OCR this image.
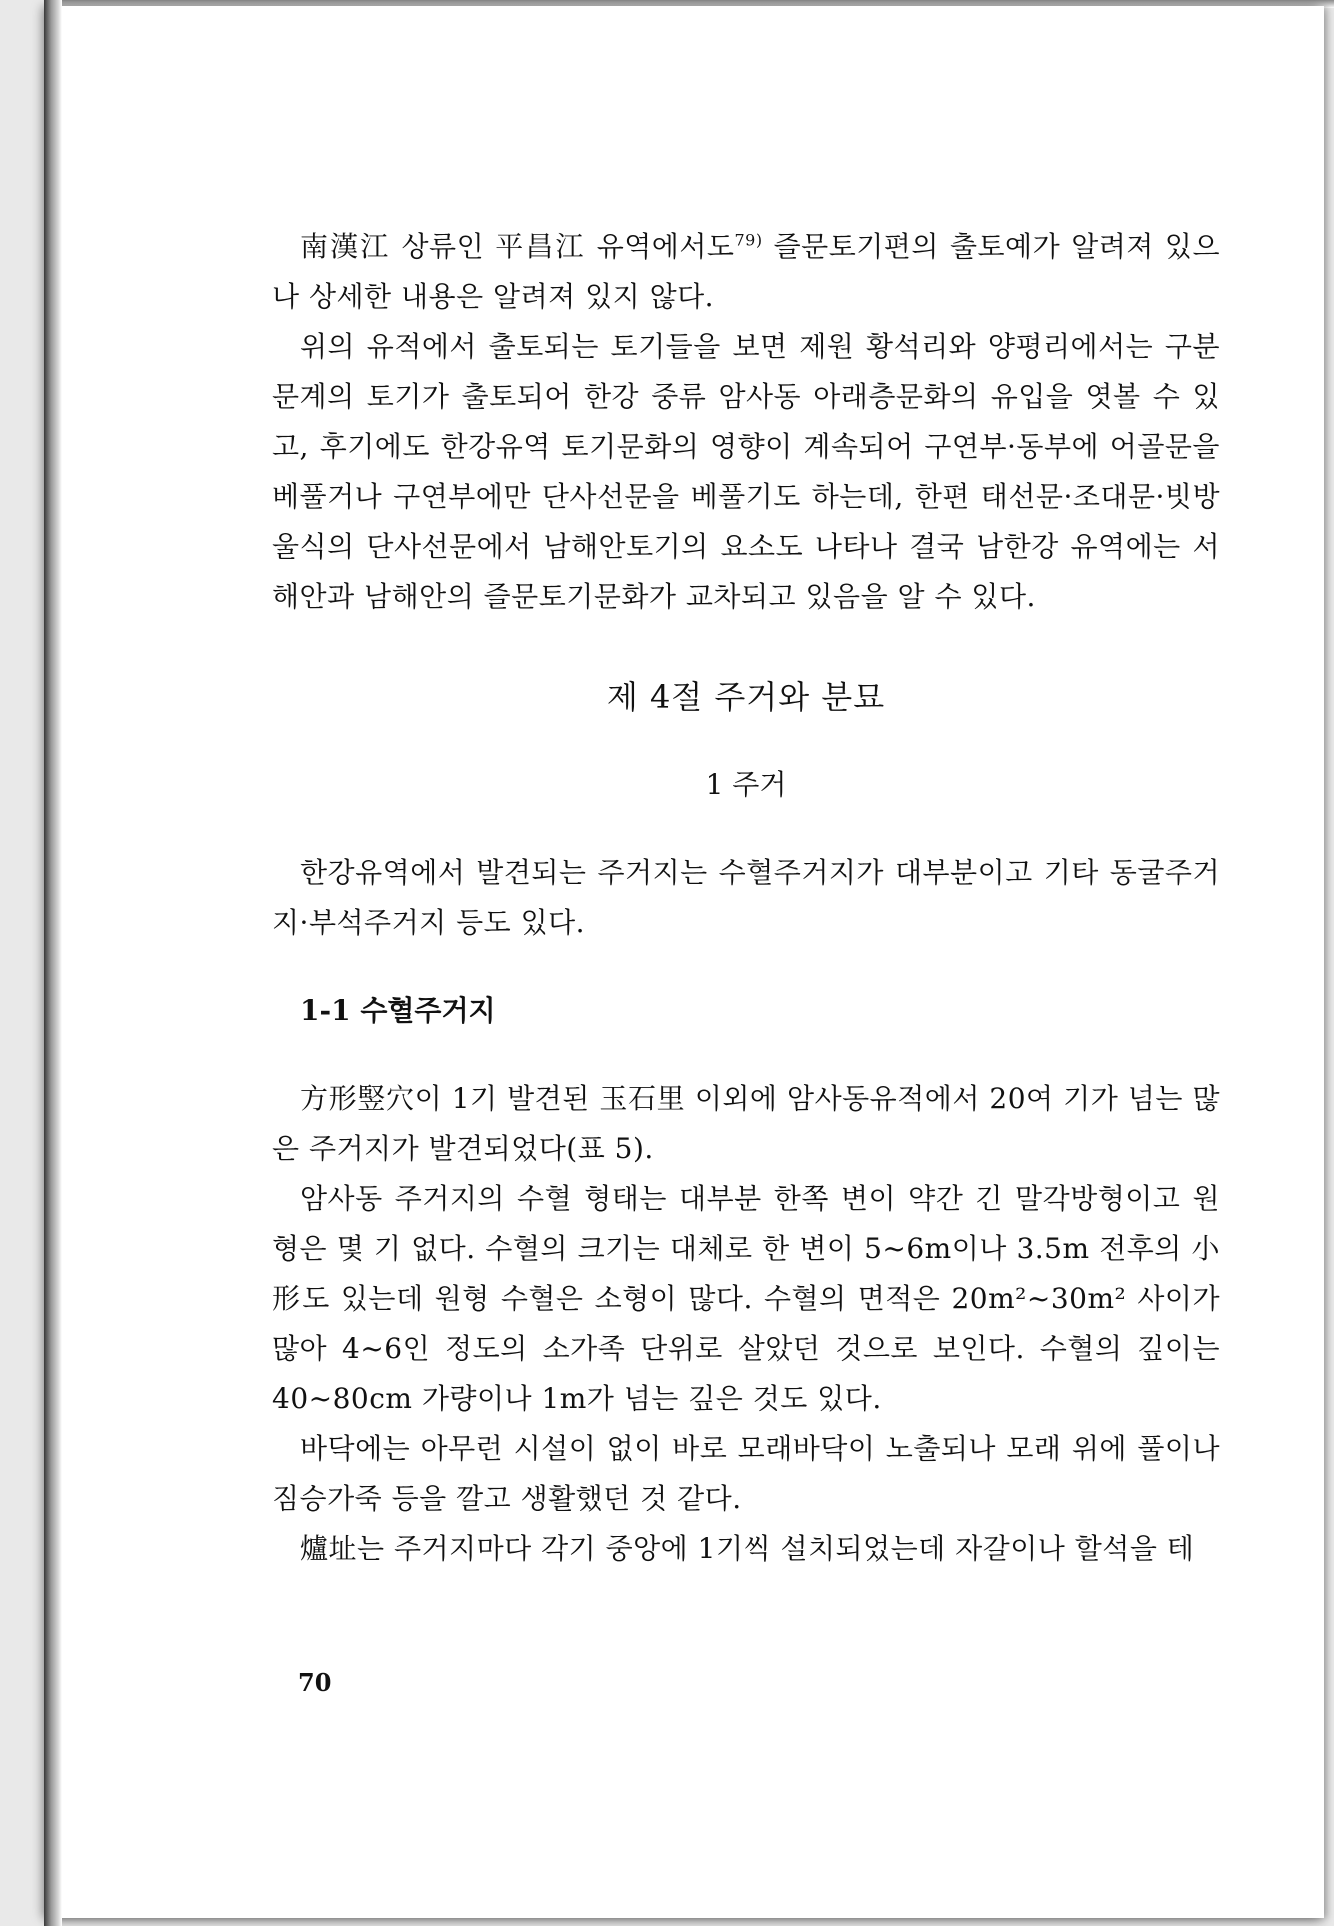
南漢江 상류인 平昌江 유역에서도$^{79)}$ 즐문토기편의 출토예가 알려져 있으나 상세한 내용은 알려져 있지 않다.

위의 유적에서 출토되는 토기들을 보면 제원 황석리와 양평리에서는 구분문계의 토기가 출토되어 한강 중류 암사동 아래층문화의 유입을 엿볼 수 있고, 후기에도 한강유역 토기문화의 영향이 계속되어 구연부·동부에 어골문을 베풀거나 구연부에만 단사선문을 베풀기도 하는데, 한편 태선문·조대문·빗방울식의 단사선문에서 남해안토기의 요소도 나타나 결국 남한강 유역에는 서해안과 남해안의 즐문토기문화가 교차되고 있음을 알 수 있다.

제 4절 주거와 분묘

1 주거

한강유역에서 발견되는 주거지는 수혈주거지가 대부분이고 기타 동굴주거지·부석주거지 등도 있다.

1-1 수혈주거지

方形竪穴이 1기 발견된 玉石里 이외에 암사동유적에서 20여 기가 넘는 많은 주거지가 발견되었다(표 5).

암사동 주거지의 수혈 형태는 대부분 한쪽 변이 약간 긴 말각방형이고 원형은 몇 기 없다. 수혈의 크기는 대체로 한 변이 5~6m이나 3.5m 전후의 小形도 있는데 원형 수혈은 소형이 많다. 수혈의 면적은 20m²~30m² 사이가 많아 4~6인 정도의 소가족 단위로 살았던 것으로 보인다. 수혈의 깊이는 40~80cm 가량이나 1m가 넘는 깊은 것도 있다.

바닥에는 아무런 시설이 없이 바로 모래바닥이 노출되나 모래 위에 풀이나 짐승가죽 등을 깔고 생활했던 것 같다.

爐址는 주거지마다 각기 중앙에 1기씩 설치되었는데 자갈이나 할석을 테

70
